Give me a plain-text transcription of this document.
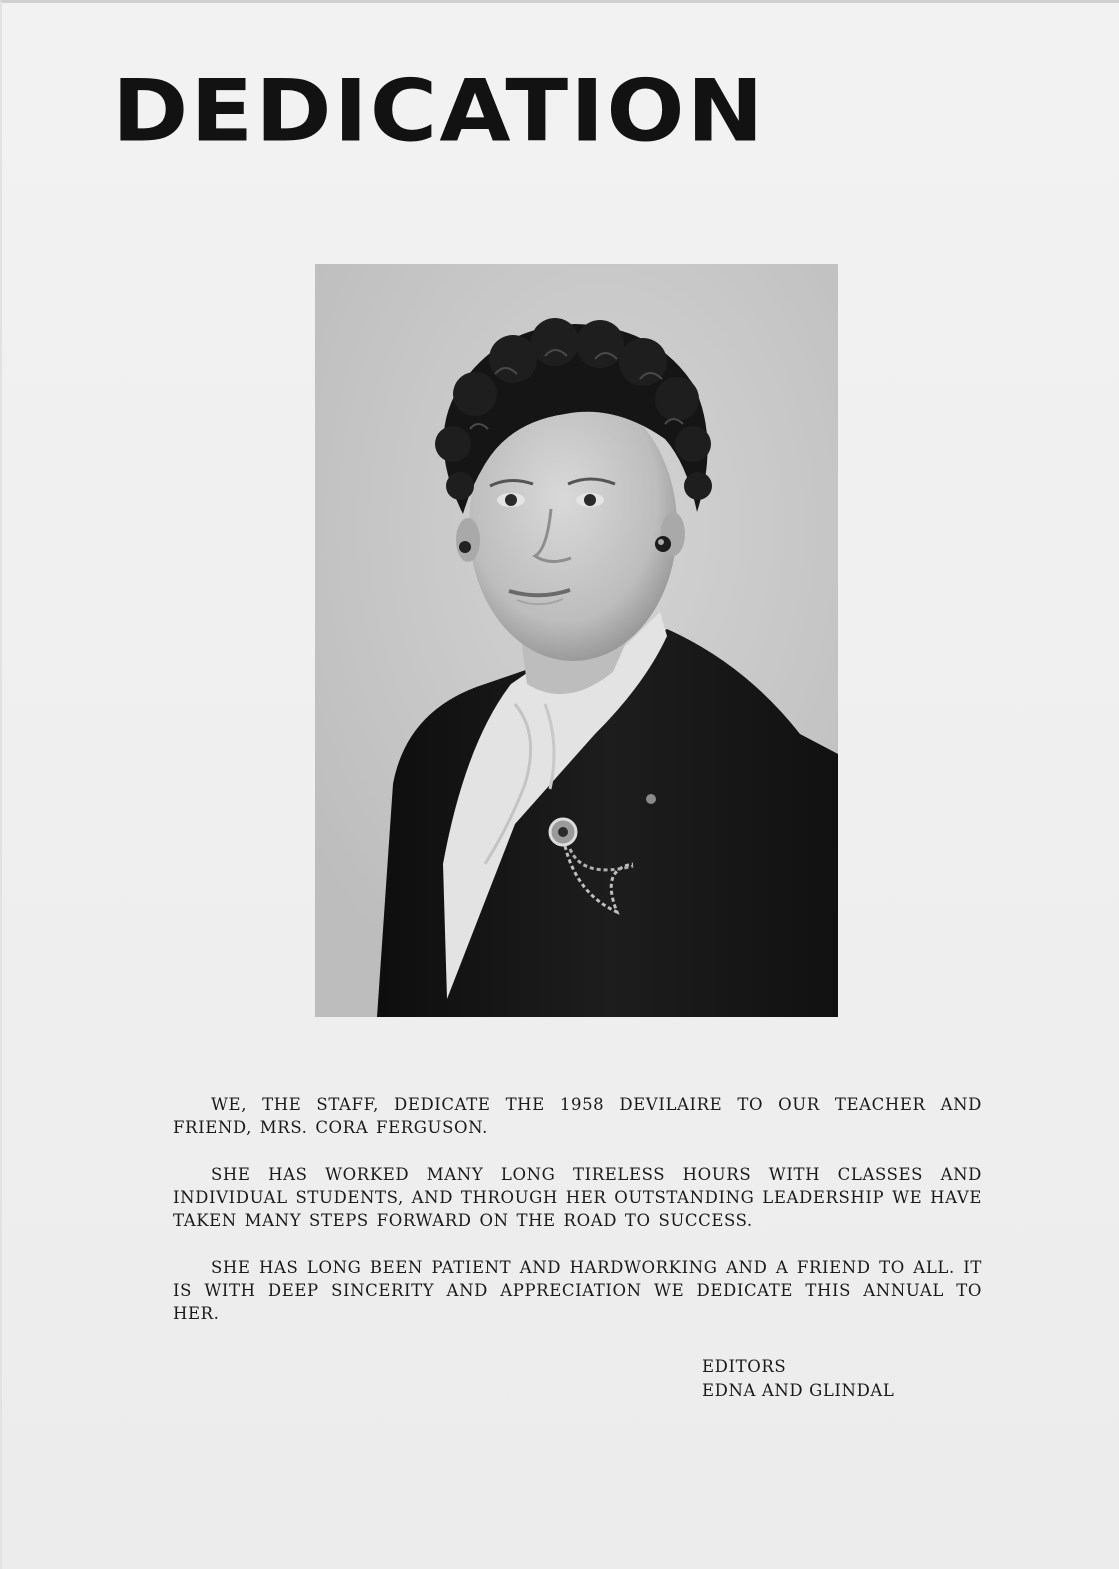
DEDICATION

WE, THE STAFF, DEDICATE THE 1958 DEVILAIRE TO OUR TEACHER AND FRIEND, MRS. CORA FERGUSON.

SHE HAS WORKED MANY LONG TIRELESS HOURS WITH CLASSES AND INDIVIDUAL STUDENTS, AND THROUGH HER OUTSTANDING LEADERSHIP WE HAVE TAKEN MANY STEPS FORWARD ON THE ROAD TO SUCCESS.

SHE HAS LONG BEEN PATIENT AND HARDWORKING AND A FRIEND TO ALL. IT IS WITH DEEP SINCERITY AND APPRECIATION WE DEDICATE THIS ANNUAL TO HER.

EDITORS
EDNA AND GLINDAL
